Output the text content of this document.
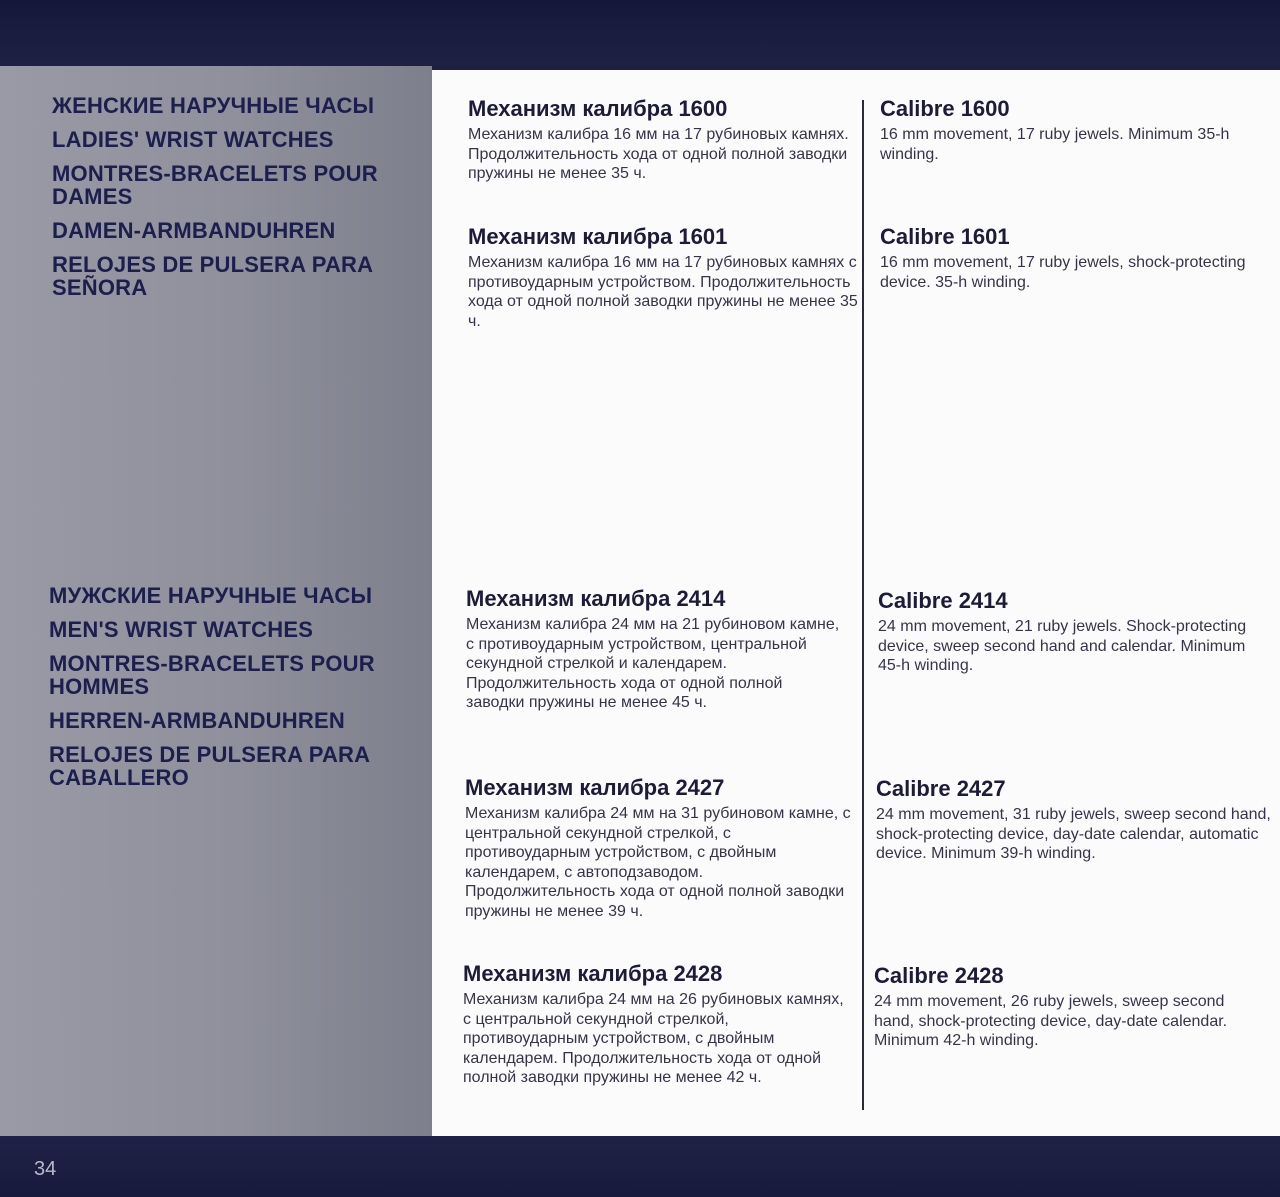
ЖЕНСКИЕ НАРУЧНЫЕ ЧАСЫ
LADIES' WRIST WATCHES
MONTRES-BRACELETS POUR DAMES
DAMEN-ARMBANDUHREN
RELOJES DE PULSERA PARA SEÑORA
МУЖСКИЕ НАРУЧНЫЕ ЧАСЫ
MEN'S WRIST WATCHES
MONTRES-BRACELETS POUR HOMMES
HERREN-ARMBANDUHREN
RELOJES DE PULSERA PARA CABALLERO
Механизм калибра 1600

Механизм калибра 16 мм на 17 рубиновых камнях. Продолжительность хода от одной полной заводки пружины не менее 35 ч.

Calibre 1600

16 mm movement, 17 ruby jewels. Minimum 35-h winding.

Механизм калибра 1601

Механизм калибра 16 мм на 17 рубиновых камнях с противоударным устройством. Продолжительность хода от одной полной заводки пружины не менее 35 ч.

Calibre 1601

16 mm movement, 17 ruby jewels, shock-protecting device. 35-h winding.

Механизм калибра 2414

Механизм калибра 24 мм на 21 рубиновом камне, с противоударным устройством, центральной секундной стрелкой и календарем. Продолжительность хода от одной полной заводки пружины не менее 45 ч.

Calibre 2414

24 mm movement, 21 ruby jewels. Shock-protecting device, sweep second hand and calendar. Minimum 45-h winding.

Механизм калибра 2427

Механизм калибра 24 мм на 31 рубиновом камне, с центральной секундной стрелкой, с противоударным устройством, с двойным календарем, с автоподзаводом. Продолжительность хода от одной полной заводки пружины не менее 39 ч.

Calibre 2427

24 mm movement, 31 ruby jewels, sweep second hand, shock-protecting device, day-date calendar, automatic device. Minimum 39-h winding.

Механизм калибра 2428

Механизм калибра 24 мм на 26 рубиновых камнях, с центральной секундной стрелкой, противоударным устройством, с двойным календарем. Продолжительность хода от одной полной заводки пружины не менее 42 ч.

Calibre 2428

24 mm movement, 26 ruby jewels, sweep second hand, shock-protecting device, day-date calendar. Minimum 42-h winding.

34
